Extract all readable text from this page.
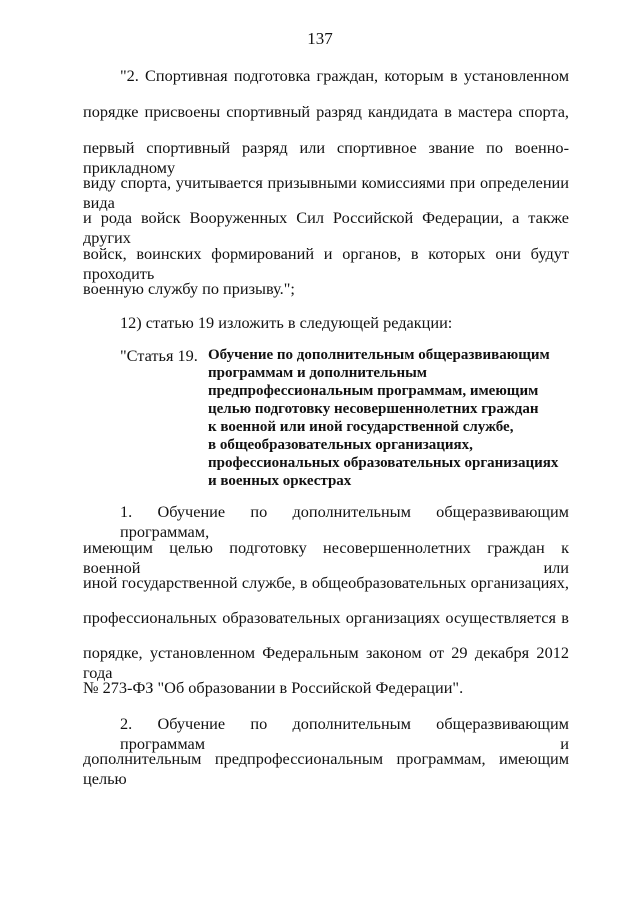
137
"2. Спортивная подготовка граждан, которым в установленном
порядке присвоены спортивный разряд кандидата в мастера спорта,
первый спортивный разряд или спортивное звание по военно-прикладному
виду спорта, учитывается призывными комиссиями при определении вида
и рода войск Вооруженных Сил Российской Федерации, а также других
войск, воинских формирований и органов, в которых они будут проходить
военную службу по призыву.";
12) статью 19 изложить в следующей редакции:
"Статья 19. Обучение по дополнительным общеразвивающим
программам и дополнительным
предпрофессиональным программам, имеющим
целью подготовку несовершеннолетних граждан
к военной или иной государственной службе,
в общеобразовательных организациях,
профессиональных образовательных организациях
и военных оркестрах
1. Обучение по дополнительным общеразвивающим программам,
имеющим целью подготовку несовершеннолетних граждан к военной или
иной государственной службе, в общеобразовательных организациях,
профессиональных образовательных организациях осуществляется в
порядке, установленном Федеральным законом от 29 декабря 2012 года
№ 273-ФЗ "Об образовании в Российской Федерации".
2. Обучение по дополнительным общеразвивающим программам и
дополнительным предпрофессиональным программам, имеющим целью
